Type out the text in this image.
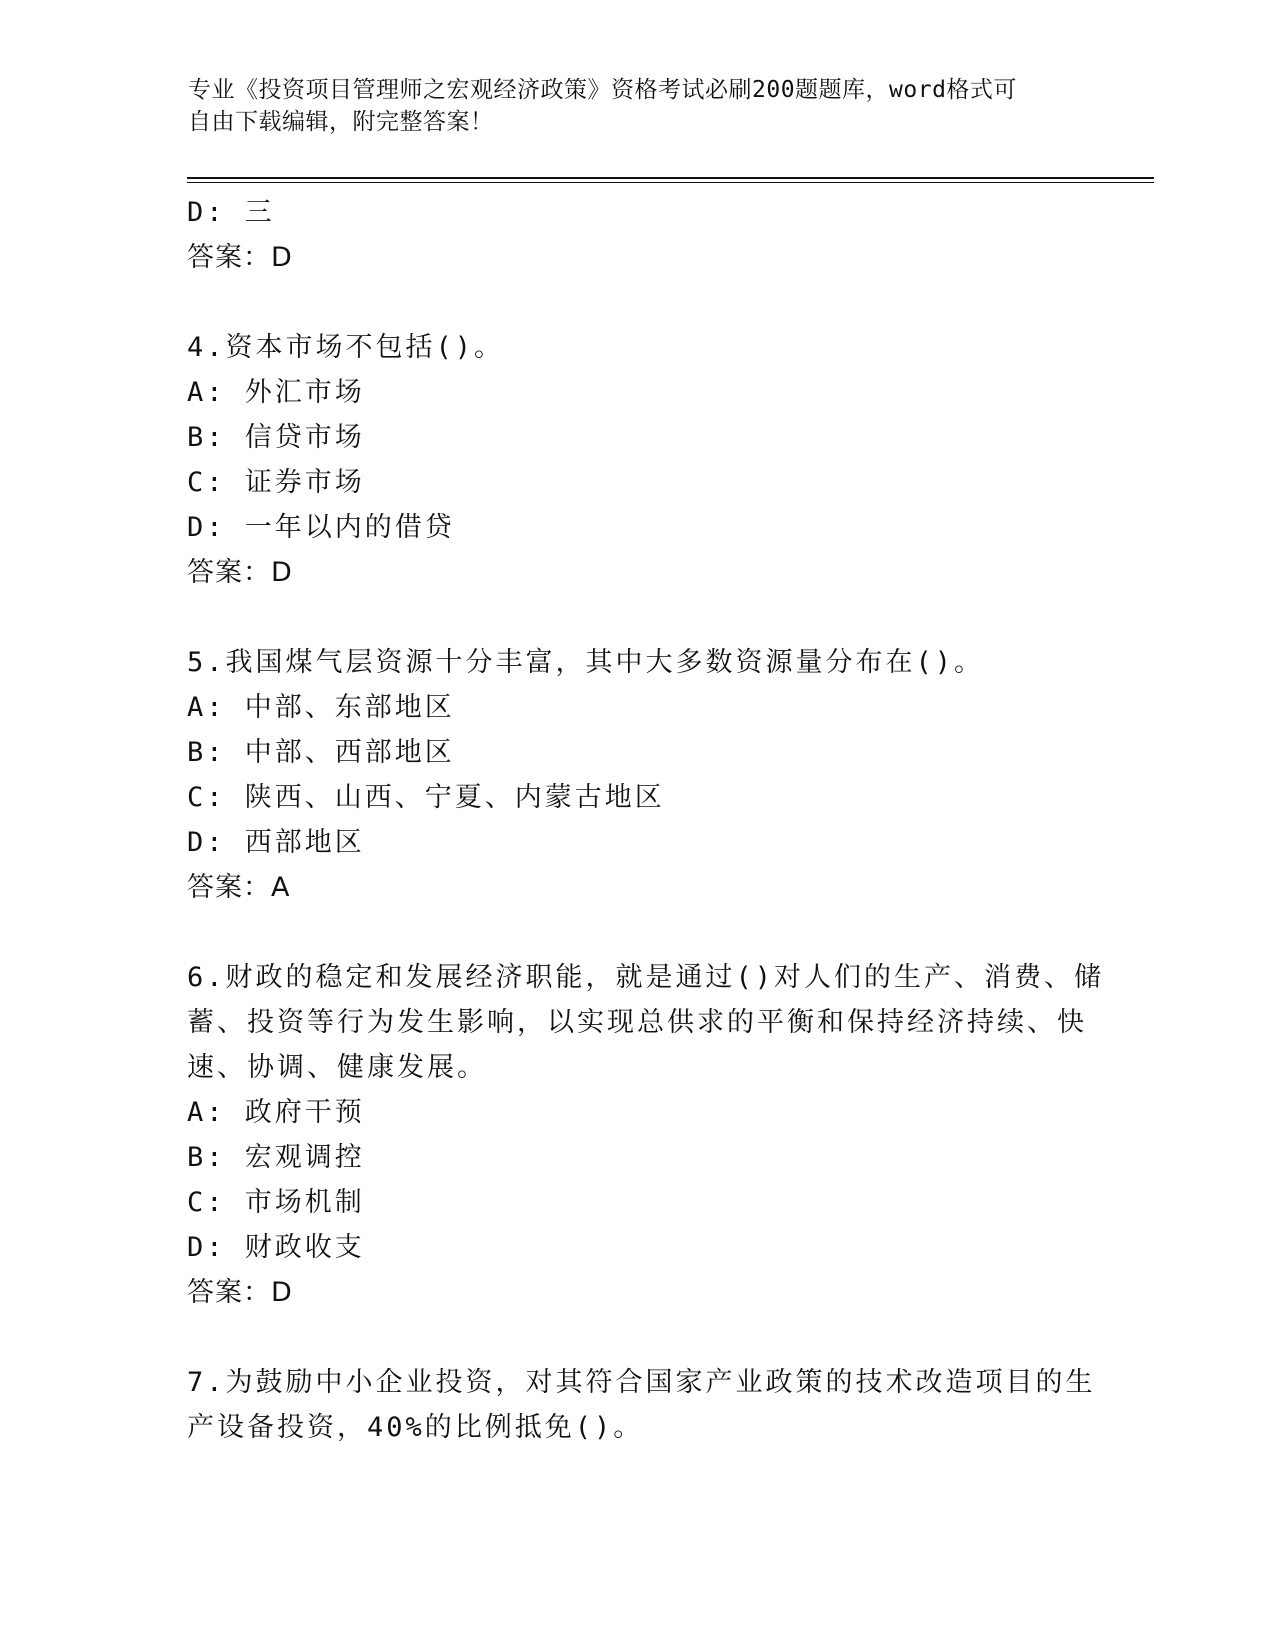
专业《投资项目管理师之宏观经济政策》资格考试必刷200题题库，word格式可
自由下载编辑，附完整答案！
D: 三
答案：D
4.资本市场不包括()。
A: 外汇市场
B: 信贷市场
C: 证券市场
D: 一年以内的借贷
答案：D
5.我国煤气层资源十分丰富，其中大多数资源量分布在()。
A: 中部、东部地区
B: 中部、西部地区
C: 陕西、山西、宁夏、内蒙古地区
D: 西部地区
答案：A
6.财政的稳定和发展经济职能，就是通过()对人们的生产、消费、储
蓄、投资等行为发生影响，以实现总供求的平衡和保持经济持续、快
速、协调、健康发展。
A: 政府干预
B: 宏观调控
C: 市场机制
D: 财政收支
答案：D
7.为鼓励中小企业投资，对其符合国家产业政策的技术改造项目的生
产设备投资，40%的比例抵免()。
